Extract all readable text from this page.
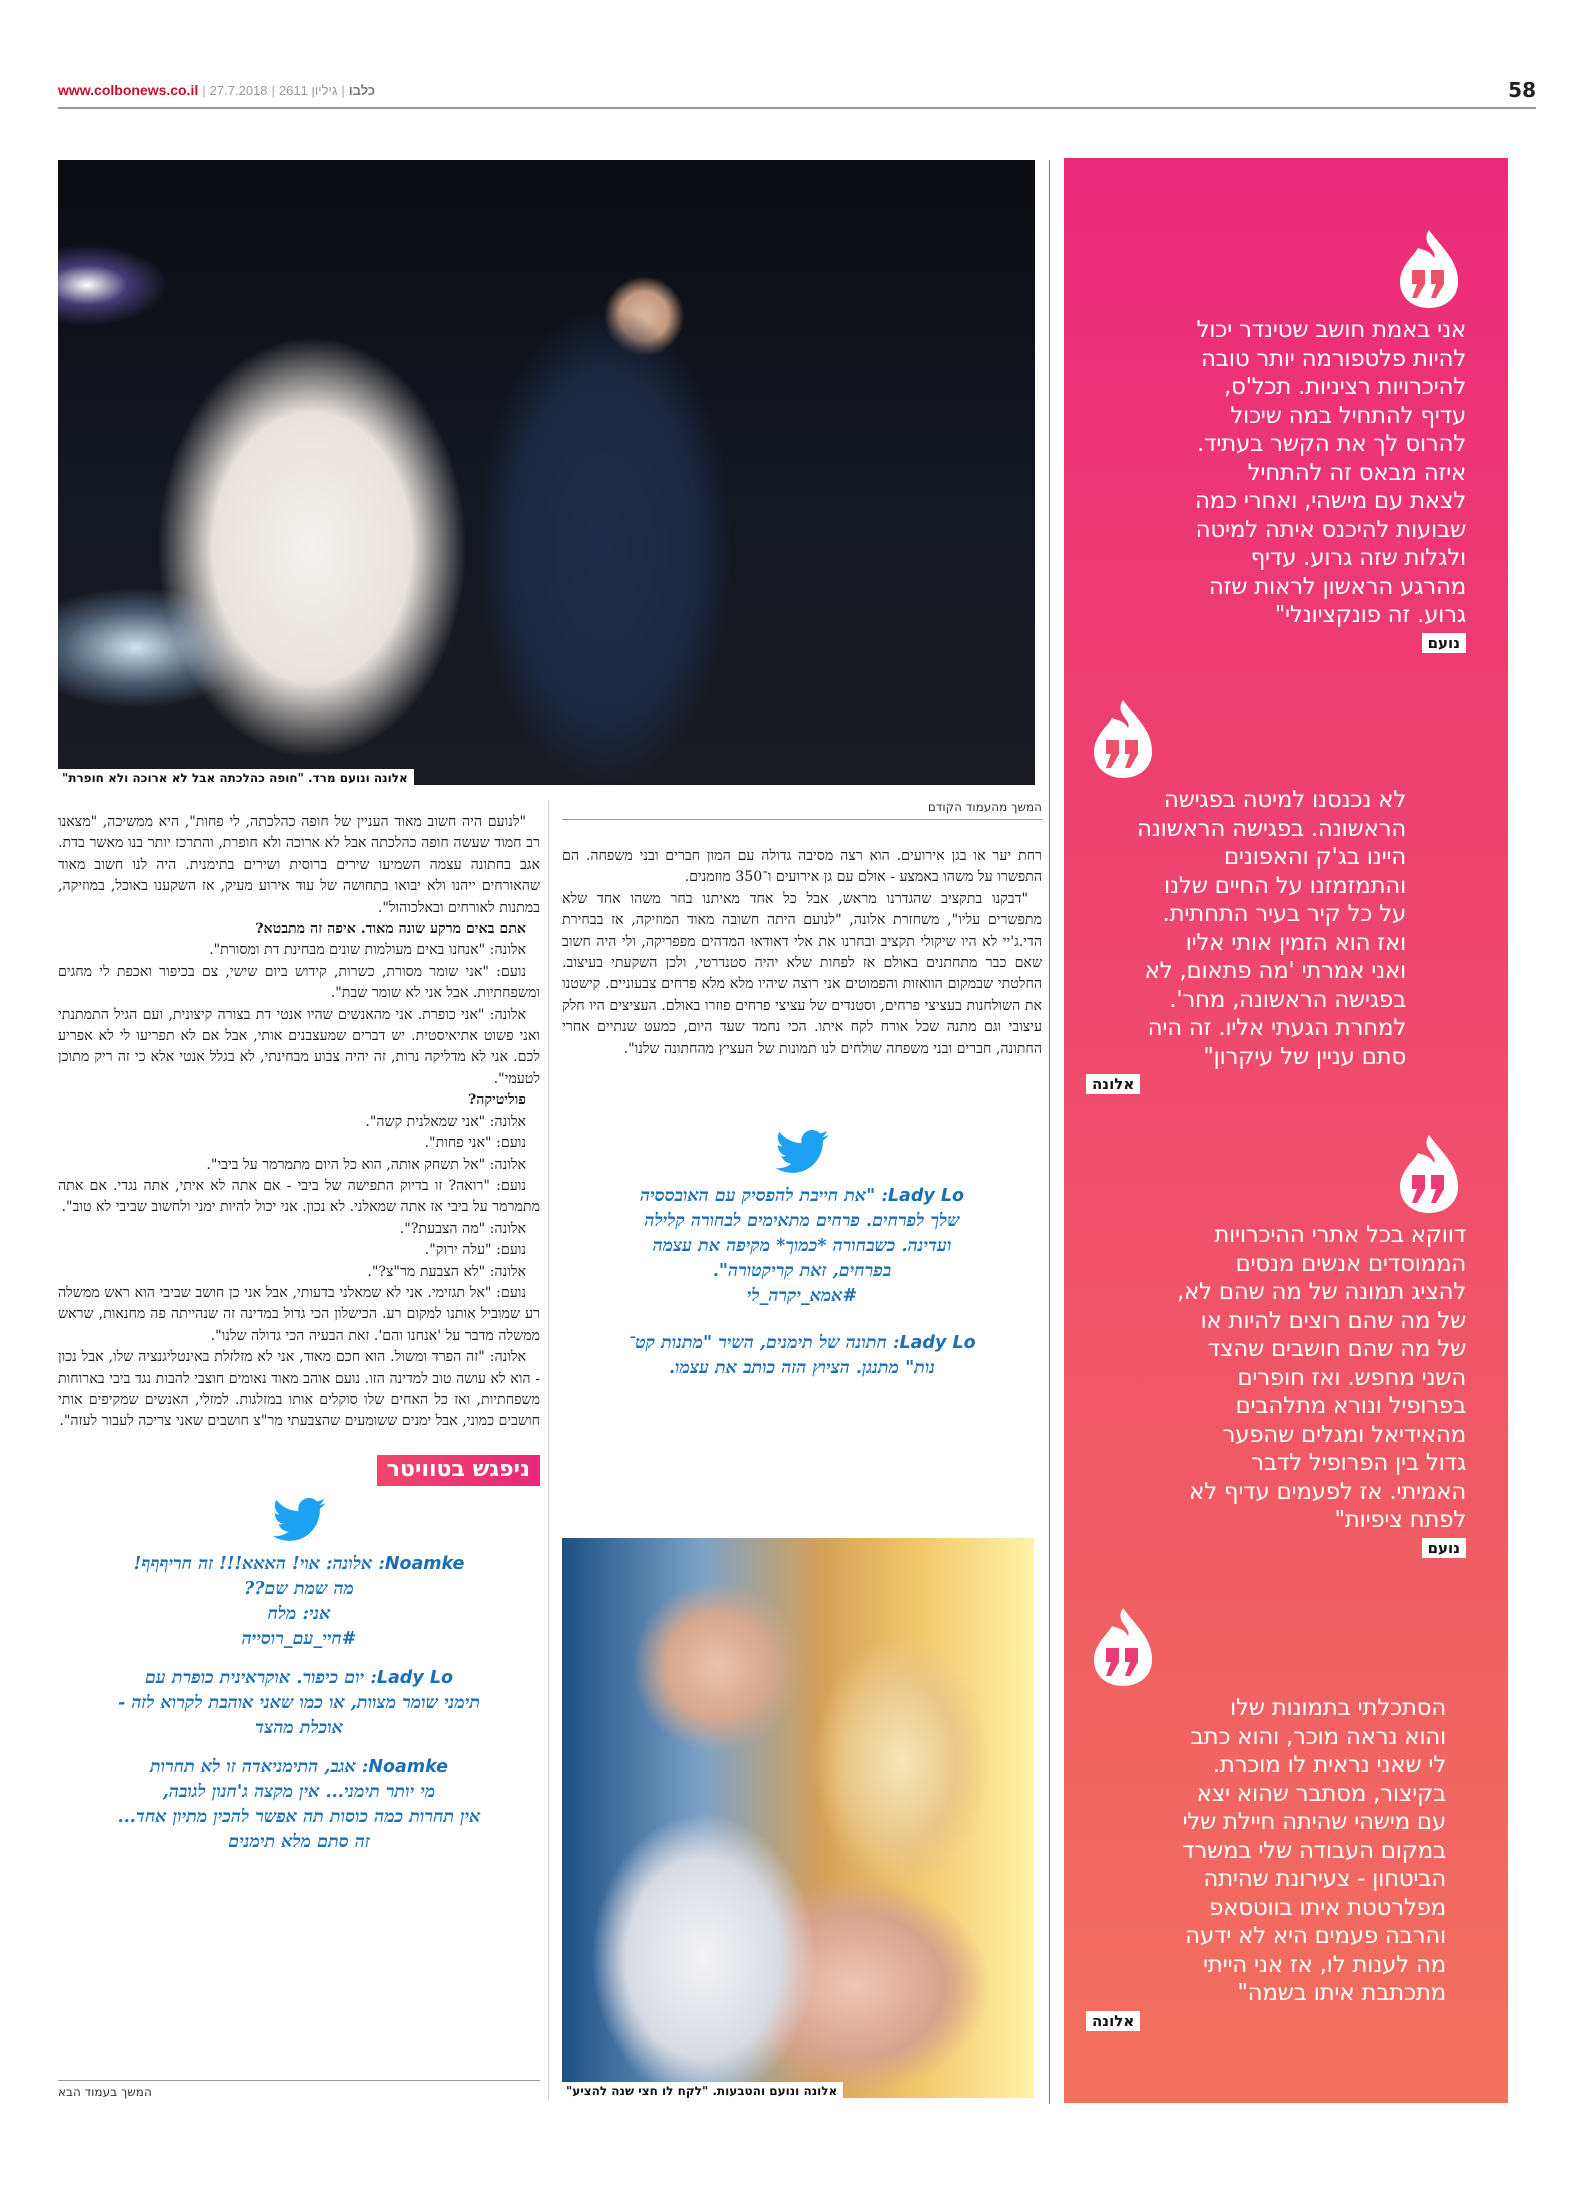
www.colbonews.co.il |	כלבו|גיליון 2611|27.7.2018	58
אלונה ונועם מרד. "חופה כהלכתה אבל לא ארוכה ולא חופרת"
המשך מהעמוד הקודם

רחת יער או בגן אירועים. הוא רצה מסיבה גדולה עם המון חברים ובני משפחה. הם התפשרו על משהו באמצע - אולם עם גן אירועים ו־350 מוזמנים.

"דבקנו בתקציב שהגדרנו מראש, אבל כל אחד מאיתנו בחר משהו אחד שלא מתפשרים עליו", משחזרת אלונה, "לנועם היתה חשובה מאוד המוזיקה, אז בבחירת הדי.ג'יי לא היו שיקולי תקציב ובחרנו את אלי דאודאו המדהים מפפריקה, ולי היה חשוב שאם כבר מתחתנים באולם אז לפחות שלא יהיה סטנדרטי, ולכן השקעתי בעיצוב. החלטתי שבמקום הוואזות והפמוטים אני רוצה שיהיו מלא מלא פרחים צבעוניים. קישטנו את השולחנות בעציצי פרחים, וסטנדים של עציצי פרחים פוזרו באולם. העציצים היו חלק עיצובי וגם מתנה שכל אורח לקח איתו. הכי נחמד שעד היום, כמעט שנתיים אחרי החתונה, חברים ובני משפחה שולחים לנו תמונות של העציץ מהחתונה שלנו".

Lady Lo: "את חייבת להפסיק עם האובססיה
שלך לפרחים. פרחים מתאימים לבחורה קלילה
ועדינה. כשבחורה *כמוך* מקיפה את עצמה
בפרחים, זאת קריקטורה".
#אמא_יקרה_לי
Lady Lo: חתונה של תימנים, השיר "מתנות קט־
נות" מתנגן. הציוץ הזה כותב את עצמו.
אלונה ונועם והטבעות. "לקח לו חצי שנה להציע"

"לנועם היה חשוב מאוד העניין של חופה כהלכתה, לי פחות", היא ממשיכה, "מצאנו רב חמוד שעשה חופה כהלכתה אבל לא ארוכה ולא חופרת, והתרכז יותר בנו מאשר בדת. אגב בחתונה עצמה השמיעו שירים ברוסית ושירים בתימנית. היה לנו חשוב מאוד שהאורחים ייהנו ולא יבואו בתחושה של עוד אירוע מעיק, אז השקענו באוכל, במוזיקה, במתנות לאורחים ובאלכוהול".

אתם באים מרקע שונה מאוד. איפה זה מתבטא?

אלונה: "אנחנו באים מעולמות שונים מבחינת דת ומסורת".

נועם: "אני שומר מסורת, כשרות, קידוש ביום שישי, צם בכיפור ואכפת לי מחגים ומשפחתיות. אבל אני לא שומר שבת".

אלונה: "אני כופרת. אני מהאנשים שהיו אנטי דת בצורה קיצונית, ועם הגיל התמתנתי ואני פשוט אתיאיסטית. יש דברים שמעצבנים אותי, אבל אם לא תפריעו לי לא אפריע לכם. אני לא מדליקה נרות, זה יהיה צבוע מבחינתי, לא בגלל אנטי אלא כי זה ריק מתוכן לטעמי".

פוליטיקה?

אלונה: "אני שמאלנית קשה".

נועם: "אני פחות".

אלונה: "אל תשחק אותה, הוא כל היום מתמרמר על ביבי".

נועם: "רואה? זו בדיוק התפישה של ביבי - אם אתה לא איתי, אתה נגדי. אם אתה מתמרמר על ביבי אז אתה שמאלני. לא נכון. אני יכול להיות ימני ולחשוב שביבי לא טוב".

אלונה: "מה הצבעת?".

נועם: "עלה ירוק".

אלונה: "לא הצבעת מר"צ?".

נועם: "אל תגזימי. אני לא שמאלני בדעותי, אבל אני כן חושב שביבי הוא ראש ממשלה רע שמוביל אותנו למקום רע. הכישלון הכי גדול במדינה זה שנהייתה פה מחנאות, שראש ממשלה מדבר על 'אנחנו והם'. זאת הבעיה הכי גדולה שלנו".

אלונה: "זה הפרד ומשול. הוא חכם מאוד, אני לא מזלזלת באינטליגנציה שלו, אבל נכון - הוא לא עושה טוב למדינה הזו. נועם אוהב מאוד נאומים חוצבי להבות נגד ביבי בארוחות משפחתיות, ואז כל האחים שלו סוקלים אותו במזלגות. למזלי, האנשים שמקיפים אותי חושבים כמוני, אבל ימנים ששומעים שהצבעתי מר"צ חושבים שאני צריכה לעבור לעזה".

ניפגש בטוויטר
Noamke: אלונה: אוי! האאא!!! זה חריףףף!
מה שמת שם??
אני: מלח
#חיי_עם_רוסייה
Lady Lo: יום כיפור. אוקראינית כופרת עם
תימני שומר מצוות, או כמו שאני אוהבת לקרוא לזה -
אוכלת מהצד
Noamke: אגב, התימניאדה זו לא תחרות
מי יותר תימני... אין מקצה ג'חנון לגובה,
אין תחרות כמה כוסות תה אפשר להכין מתיון אחד...
זה סתם מלא תימנים
המשך בעמוד הבא
אני באמת חושב שטינדר יכול
להיות פלטפורמה יותר טובה
להיכרויות רציניות. תכל'ס,
עדיף להתחיל במה שיכול
להרוס לך את הקשר בעתיד.
איזה מבאס זה להתחיל
לצאת עם מישהי, ואחרי כמה
שבועות להיכנס איתה למיטה
ולגלות שזה גרוע. עדיף
מהרגע הראשון לראות שזה
גרוע. זה פונקציונלי"
נועם
לא נכנסנו למיטה בפגישה
הראשונה. בפגישה הראשונה
היינו בג'ק והאפונים
והתמזמזנו על החיים שלנו
על כל קיר בעיר התחתית.
ואז הוא הזמין אותי אליו
ואני אמרתי 'מה פתאום, לא
בפגישה הראשונה, מחר'.
למחרת הגעתי אליו. זה היה
סתם עניין של עיקרון"
אלונה
דווקא בכל אתרי ההיכרויות
הממוסדים אנשים מנסים
להציג תמונה של מה שהם לא,
של מה שהם רוצים להיות או
של מה שהם חושבים שהצד
השני מחפש. ואז חופרים
בפרופיל ונורא מתלהבים
מהאידיאל ומגלים שהפער
גדול בין הפרופיל לדבר
האמיתי. אז לפעמים עדיף לא
לפתח ציפיות"
נועם
הסתכלתי בתמונות שלו
והוא נראה מוכר, והוא כתב
לי שאני נראית לו מוכרת.
בקיצור, מסתבר שהוא יצא
עם מישהי שהיתה חיילת שלי
במקום העבודה שלי במשרד
הביטחון - צעירונת שהיתה
מפלרטטת איתו בווטסאפ
והרבה פעמים היא לא ידעה
מה לענות לו, אז אני הייתי
מתכתבת איתו בשמה"
אלונה
